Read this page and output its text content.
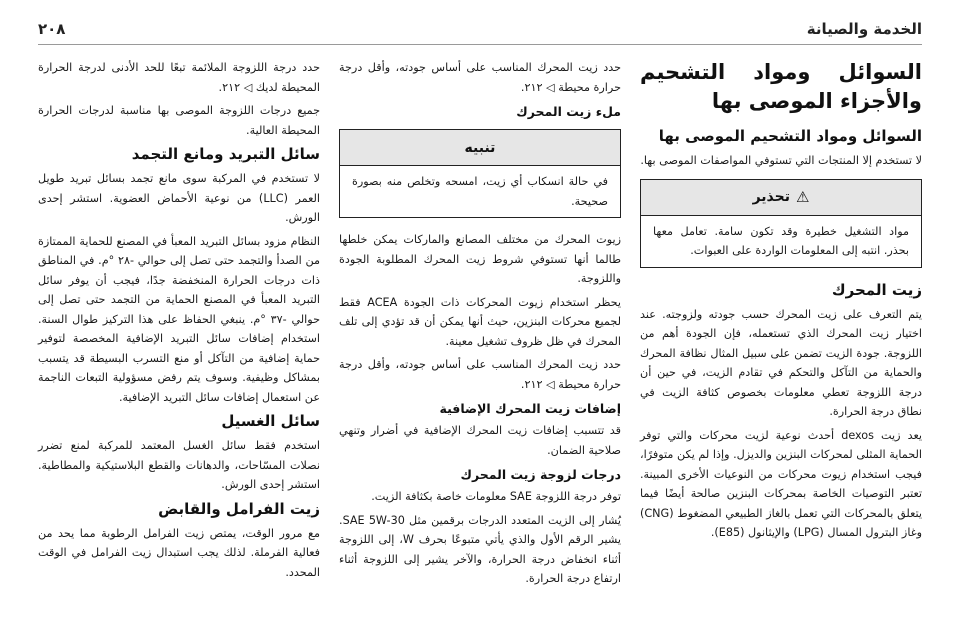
الخدمة والصيانة
٢٠٨
السوائل ومواد التشحيم والأجزاء الموصى بها
السوائل ومواد التشحيم الموصى بها

لا تستخدم إلا المنتجات التي تستوفي المواصفات الموصى بها.

⚠
تحذير

مواد التشغيل خطيرة وقد تكون سامة. تعامل معها بحذر. انتبه إلى المعلومات الواردة على العبوات.

زيت المحرك

يتم التعرف على زيت المحرك حسب جودته ولزوجته. عند اختيار زيت المحرك الذي تستعمله، فإن الجودة أهم من اللزوجة. جودة الزيت تضمن على سبيل المثال نظافة المحرك والحماية من التآكل والتحكم في تقادم الزيت، في حين أن درجة اللزوجة تعطي معلومات بخصوص كثافة الزيت في نطاق درجة الحرارة.

يعد زيت dexos أحدث نوعية لزيت محركات والتي توفر الحماية المثلى لمحركات البنزين والديزل. وإذا لم يكن متوفرًا، فيجب استخدام زيوت محركات من النوعيات الأخرى المبينة. تعتبر التوصيات الخاصة بمحركات البنزين صالحة أيضًا فيما يتعلق بالمحركات التي تعمل بالغاز الطبيعي المضغوط (CNG) وغاز البترول المسال (LPG) والإيثانول (E85).

حدد زيت المحرك المناسب على أساس جودته، وأقل درجة حرارة محيطة ◁ ٢١٢.

ملء زيت المحرك
تنبيه

في حالة انسكاب أي زيت، امسحه وتخلص منه بصورة صحيحة.

زيوت المحرك من مختلف المصانع والماركات يمكن خلطها طالما أنها تستوفي شروط زيت المحرك المطلوبة الجودة واللزوجة.

يحظر استخدام زيوت المحركات ذات الجودة ACEA فقط لجميع محركات البنزين، حيث أنها يمكن أن قد تؤدي إلى تلف المحرك في ظل ظروف تشغيل معينة.

حدد زيت المحرك المناسب على أساس جودته، وأقل درجة حرارة محيطة ◁ ٢١٢.

إضافات زيت المحرك الإضافية

قد تتسبب إضافات زيت المحرك الإضافية في أضرار وتنهي صلاحية الضمان.

درجات لزوجة زيت المحرك

توفر درجة اللزوجة SAE معلومات خاصة بكثافة الزيت.

يُشار إلى الزيت المتعدد الدرجات برقمين مثل SAE 5W-30. يشير الرقم الأول والذي يأتي متبوعًا بحرف W، إلى اللزوجة أثناء انخفاض درجة الحرارة، والآخر يشير إلى اللزوجة أثناء ارتفاع درجة الحرارة.

حدد درجة اللزوجة الملائمة تبعًا للحد الأدنى لدرجة الحرارة المحيطة لديك ◁ ٢١٢.

جميع درجات اللزوجة الموصى بها مناسبة لدرجات الحرارة المحيطة العالية.

سائل التبريد ومانع التجمد

لا تستخدم في المركبة سوى مانع تجمد بسائل تبريد طويل العمر (LLC) من نوعية الأحماض العضوية. استشر إحدى الورش.

النظام مزود بسائل التبريد المعبأ في المصنع للحماية الممتازة من الصدأ والتجمد حتى تصل إلى حوالي -٢٨ °م. في المناطق ذات درجات الحرارة المنخفضة جدًا، فيجب أن يوفر سائل التبريد المعبأ في المصنع الحماية من التجمد حتى تصل إلى حوالي -٣٧ °م. ينبغي الحفاظ على هذا التركيز طوال السنة. استخدام إضافات سائل التبريد الإضافية المخصصة لتوفير حماية إضافية من التآكل أو منع التسرب البسيطة قد يتسبب بمشاكل وظيفية. وسوف يتم رفض مسؤولية التبعات الناجمة عن استعمال إضافات سائل التبريد الإضافية.

سائل الغسيل

استخدم فقط سائل الغسل المعتمد للمركبة لمنع تضرر نصلات المسّاحات، والدهانات والقطع البلاستيكية والمطاطية. استشر إحدى الورش.

زيت الفرامل والقابض

مع مرور الوقت، يمتص زيت الفرامل الرطوبة مما يحد من فعالية الفرملة. لذلك يجب استبدال زيت الفرامل في الوقت المحدد.
